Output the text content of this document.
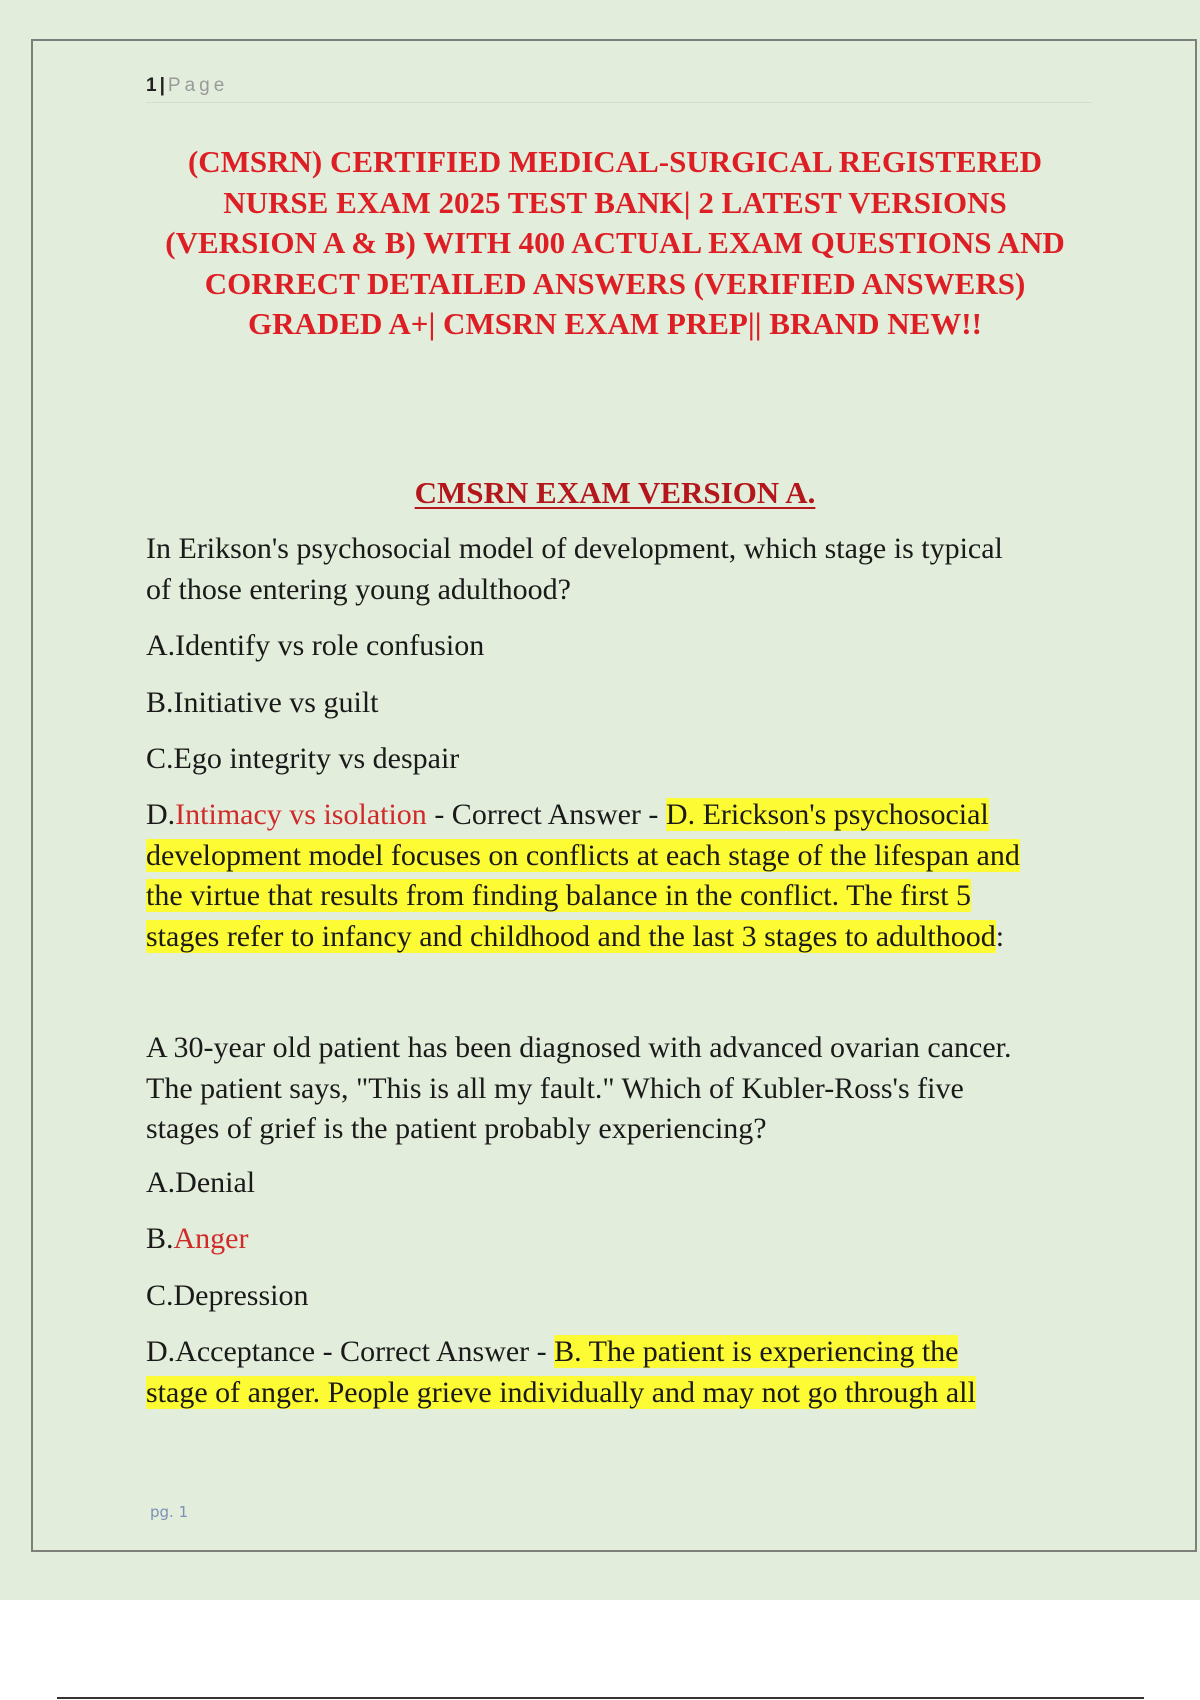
1 | Page
(CMSRN) CERTIFIED MEDICAL-SURGICAL REGISTERED
NURSE EXAM 2025 TEST BANK| 2 LATEST VERSIONS
(VERSION A & B) WITH 400 ACTUAL EXAM QUESTIONS AND
CORRECT DETAILED ANSWERS (VERIFIED ANSWERS)
GRADED A+| CMSRN EXAM PREP|| BRAND NEW!!
CMSRN EXAM VERSION A.
In Erikson's psychosocial model of development, which stage is typical
of those entering young adulthood?
A.Identify vs role confusion
B.Initiative vs guilt
C.Ego integrity vs despair
D.Intimacy vs isolation - Correct Answer - D. Erickson's psychosocial
development model focuses on conflicts at each stage of the lifespan and
the virtue that results from finding balance in the conflict. The first 5
stages refer to infancy and childhood and the last 3 stages to adulthood:
A 30-year old patient has been diagnosed with advanced ovarian cancer.
The patient says, "This is all my fault." Which of Kubler-Ross's five
stages of grief is the patient probably experiencing?
A.Denial
B.Anger
C.Depression
D.Acceptance - Correct Answer - B. The patient is experiencing the
stage of anger. People grieve individually and may not go through all
pg. 1
